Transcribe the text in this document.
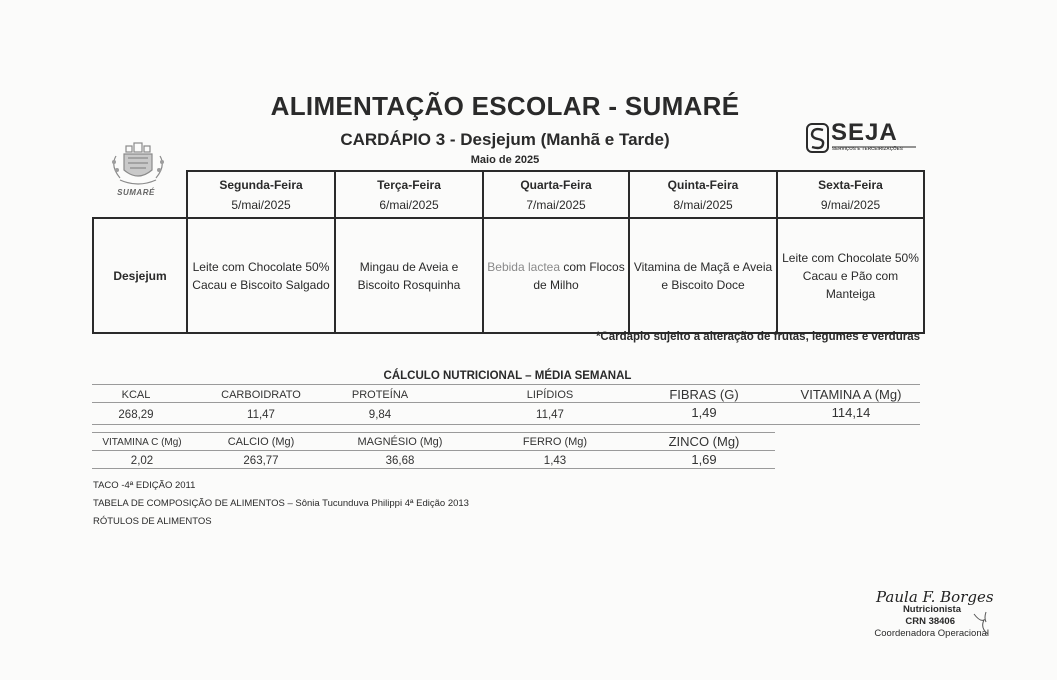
ALIMENTAÇÃO ESCOLAR - SUMARÉ
CARDÁPIO 3 - Desjejum (Manhã e Tarde)
Maio de 2025
SUMARÉ
SEJA
SERVIÇOS E TERCEIRIZAÇÕES
	Segunda-Feira	Terça-Feira	Quarta-Feira	Quinta-Feira	Sexta-Feira
	5/mai/2025	6/mai/2025	7/mai/2025	8/mai/2025	9/mai/2025
Desjejum	Leite com Chocolate 50% Cacau e Biscoito Salgado	Mingau de Aveia e Biscoito Rosquinha	Bebida lactea com Flocos de Milho	Vitamina de Maçã e Aveia e Biscoito Doce	Leite com Chocolate 50% Cacau e Pão com Manteiga
*Cardapio sujeito a alteração de frutas, legumes e verduras
CÁLCULO NUTRICIONAL – MÉDIA SEMANAL
KCAL	CARBOIDRATO	PROTEÍNA	LIPÍDIOS	FIBRAS (G)	VITAMINA A (Mg)
268,29	11,47	9,84	11,47	1,49	114,14
VITAMINA C (Mg)	CALCIO (Mg)	MAGNÉSIO (Mg)	FERRO (Mg)	ZINCO (Mg)
2,02	263,77	36,68	1,43	1,69
TACO -4ª EDIÇÃO 2011
TABELA DE COMPOSIÇÃO DE ALIMENTOS – Sônia Tucunduva Philippi 4ª Edição 2013
RÓTULOS DE ALIMENTOS
Paula F. Borges
Nutricionista
CRN 38406
Coordenadora Operacional
